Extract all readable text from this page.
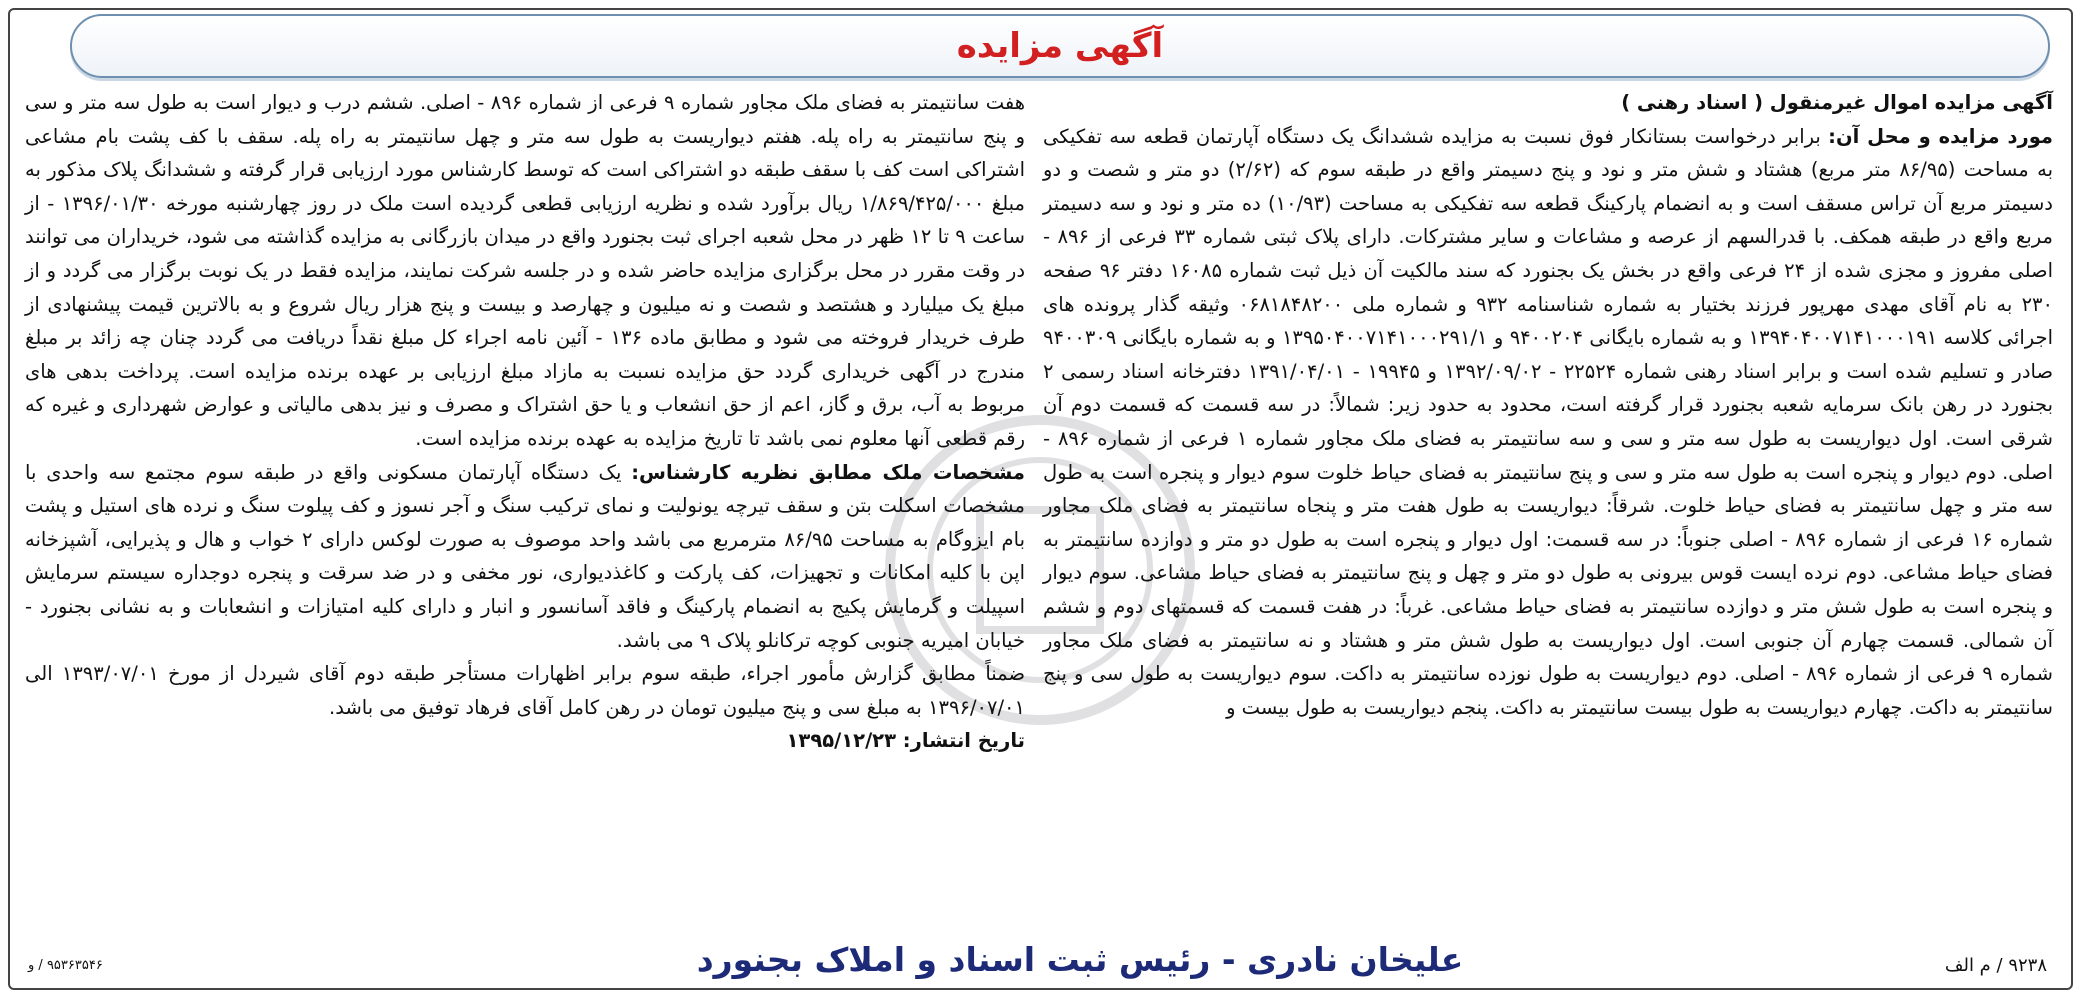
آگهی مزایده

آگهی مزایده اموال غیرمنقول ( اسناد رهنی )

مورد مزایده و محل آن: برابر درخواست بستانکار فوق نسبت به مزایده ششدانگ یک دستگاه آپارتمان قطعه سه تفکیکی به مساحت (۸۶/۹۵ متر مربع) هشتاد و شش متر و نود و پنج دسیمتر واقع در طبقه سوم که (۲/۶۲) دو متر و شصت و دو دسیمتر مربع آن تراس مسقف است و به انضمام پارکینگ قطعه سه تفکیکی به مساحت (۱۰/۹۳) ده متر و نود و سه دسیمتر مربع واقع در طبقه همکف. با قدرالسهم از عرصه و مشاعات و سایر مشترکات. دارای پلاک ثبتی شماره ۳۳ فرعی از ۸۹۶ - اصلی مفروز و مجزی شده از ۲۴ فرعی واقع در بخش یک بجنورد که سند مالکیت آن ذیل ثبت شماره ۱۶۰۸۵ دفتر ۹۶ صفحه ۲۳۰ به نام آقای مهدی مهرپور فرزند بختیار به شماره شناسنامه ۹۳۲ و شماره ملی ۰۶۸۱۸۴۸۲۰۰ وثیقه گذار پرونده های اجرائی کلاسه ۱۳۹۴۰۴۰۰۷۱۴۱۰۰۰۱۹۱ و به شماره بایگانی ۹۴۰۰۲۰۴ و ۱۳۹۵۰۴۰۰۷۱۴۱۰۰۰۲۹۱/۱ و به شماره بایگانی ۹۴۰۰۳۰۹ صادر و تسلیم شده است و برابر اسناد رهنی شماره ۲۲۵۲۴ - ۱۳۹۲/۰۹/۰۲ و ۱۹۹۴۵ - ۱۳۹۱/۰۴/۰۱ دفترخانه اسناد رسمی ۲ بجنورد در رهن بانک سرمایه شعبه بجنورد قرار گرفته است، محدود به حدود زیر: شمالاً: در سه قسمت که قسمت دوم آن شرقی است. اول دیواریست به طول سه متر و سی و سه سانتیمتر به فضای ملک مجاور شماره ۱ فرعی از شماره ۸۹۶ - اصلی. دوم دیوار و پنجره است به طول سه متر و سی و پنج سانتیمتر به فضای حیاط خلوت سوم دیوار و پنجره است به طول سه متر و چهل سانتیمتر به فضای حیاط خلوت. شرقاً: دیواریست به طول هفت متر و پنجاه سانتیمتر به فضای ملک مجاور شماره ۱۶ فرعی از شماره ۸۹۶ - اصلی جنوباً: در سه قسمت: اول دیوار و پنجره است به طول دو متر و دوازده سانتیمتر به فضای حیاط مشاعی. دوم نرده ایست قوس بیرونی به طول دو متر و چهل و پنج سانتیمتر به فضای حیاط مشاعی. سوم دیوار و پنجره است به طول شش متر و دوازده سانتیمتر به فضای حیاط مشاعی. غرباً: در هفت قسمت که قسمتهای دوم و ششم آن شمالی. قسمت چهارم آن جنوبی است. اول دیواریست به طول شش متر و هشتاد و نه سانتیمتر به فضای ملک مجاور شماره ۹ فرعی از شماره ۸۹۶ - اصلی. دوم دیواریست به طول نوزده سانتیمتر به داکت. سوم دیواریست به طول سی و پنج سانتیمتر به داکت. چهارم دیواریست به طول بیست سانتیمتر به داکت. پنجم دیواریست به طول بیست و

هفت سانتیمتر به فضای ملک مجاور شماره ۹ فرعی از شماره ۸۹۶ - اصلی. ششم درب و دیوار است به طول سه متر و سی و پنج سانتیمتر به راه پله. هفتم دیواریست به طول سه متر و چهل سانتیمتر به راه پله. سقف با کف پشت بام مشاعی اشتراکی است کف با سقف طبقه دو اشتراکی است که توسط کارشناس مورد ارزیابی قرار گرفته و ششدانگ پلاک مذکور به مبلغ ۱/۸۶۹/۴۲۵/۰۰۰ ریال برآورد شده و نظریه ارزیابی قطعی گردیده است ملک در روز چهارشنبه مورخه ۱۳۹۶/۰۱/۳۰ - از ساعت ۹ تا ۱۲ ظهر در محل شعبه اجرای ثبت بجنورد واقع در میدان بازرگانی به مزایده گذاشته می شود، خریداران می توانند در وقت مقرر در محل برگزاری مزایده حاضر شده و در جلسه شرکت نمایند، مزایده فقط در یک نوبت برگزار می گردد و از مبلغ یک میلیارد و هشتصد و شصت و نه میلیون و چهارصد و بیست و پنج هزار ریال شروع و به بالاترین قیمت پیشنهادی از طرف خریدار فروخته می شود و مطابق ماده ۱۳۶ - آئین نامه اجراء کل مبلغ نقداً دریافت می گردد چنان چه زائد بر مبلغ مندرج در آگهی خریداری گردد حق مزایده نسبت به مازاد مبلغ ارزیابی بر عهده برنده مزایده است. پرداخت بدهی های مربوط به آب، برق و گاز، اعم از حق انشعاب و یا حق اشتراک و مصرف و نیز بدهی مالیاتی و عوارض شهرداری و غیره که رقم قطعی آنها معلوم نمی باشد تا تاریخ مزایده به عهده برنده مزایده است.

مشخصات ملک مطابق نظریه کارشناس: یک دستگاه آپارتمان مسکونی واقع در طبقه سوم مجتمع سه واحدی با مشخصات اسکلت بتن و سقف تیرچه یونولیت و نمای ترکیب سنگ و آجر نسوز و کف پیلوت سنگ و نرده های استیل و پشت بام ایزوگام به مساحت ۸۶/۹۵ مترمربع می باشد واحد موصوف به صورت لوکس دارای ۲ خواب و هال و پذیرایی، آشپزخانه اپن با کلیه امکانات و تجهیزات، کف پارکت و کاغذدیواری، نور مخفی و در ضد سرقت و پنجره دوجداره سیستم سرمایش اسپیلت و گرمایش پکیج به انضمام پارکینگ و فاقد آسانسور و انبار و دارای کلیه امتیازات و انشعابات و به نشانی بجنورد - خیابان امیریه جنوبی کوچه ترکانلو پلاک ۹ می باشد.

ضمناً مطابق گزارش مأمور اجراء، طبقه سوم برابر اظهارات مستأجر طبقه دوم آقای شیردل از مورخ ۱۳۹۳/۰۷/۰۱ الی ۱۳۹۶/۰۷/۰۱ به مبلغ سی و پنج میلیون تومان در رهن کامل آقای فرهاد توفیق می باشد.

تاریخ انتشار: ۱۳۹۵/۱۲/۲۳

علیخان نادری - رئیس ثبت اسناد و املاک بجنورد	۹۲۳۸ / م الف
۹۵۳۶۳۵۴۶ / و
